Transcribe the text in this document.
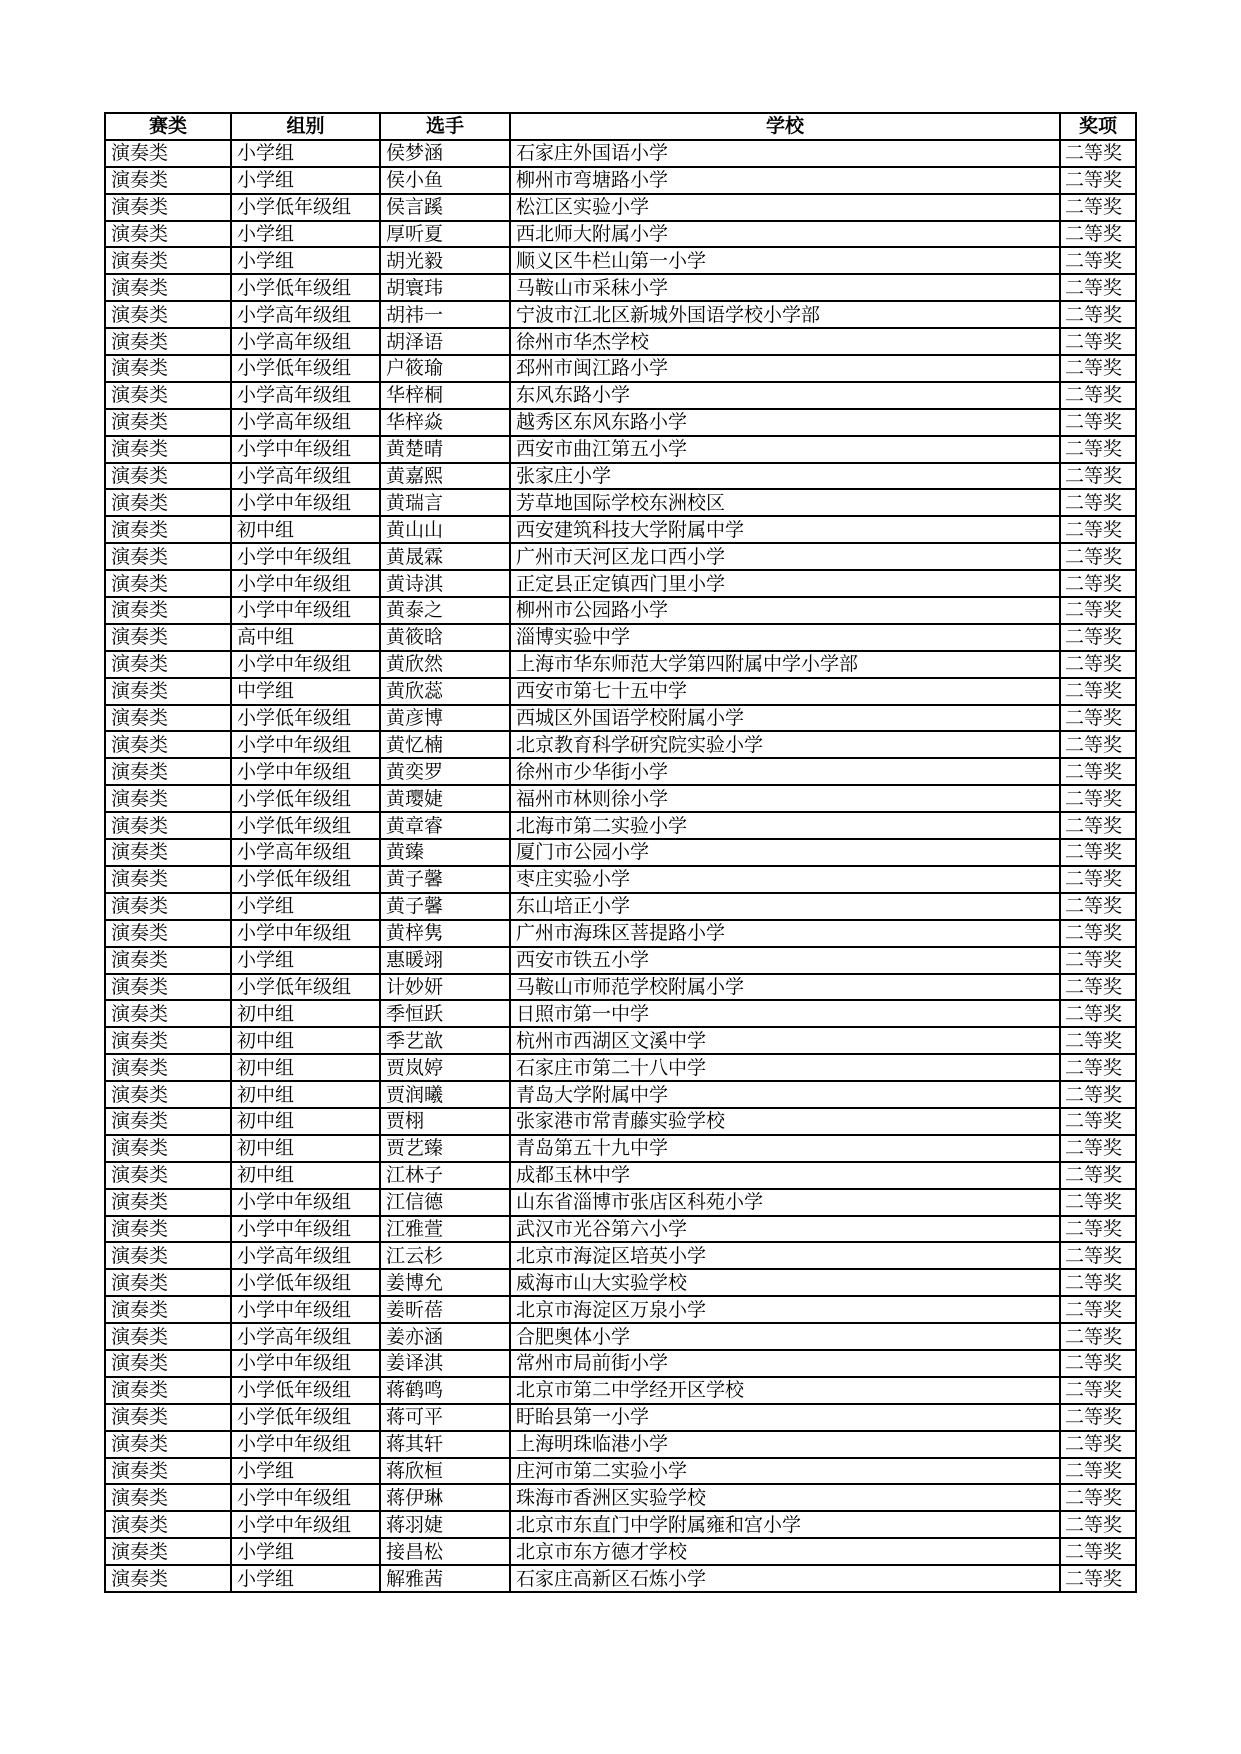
赛类	组别	选手	学校	奖项
演奏类	小学组	侯梦涵	石家庄外国语小学	二等奖
演奏类	小学组	侯小鱼	柳州市弯塘路小学	二等奖
演奏类	小学低年级组	侯言蹊	松江区实验小学	二等奖
演奏类	小学组	厚听夏	西北师大附属小学	二等奖
演奏类	小学组	胡光毅	顺义区牛栏山第一小学	二等奖
演奏类	小学低年级组	胡寰玮	马鞍山市采秣小学	二等奖
演奏类	小学高年级组	胡祎一	宁波市江北区新城外国语学校小学部	二等奖
演奏类	小学高年级组	胡泽语	徐州市华杰学校	二等奖
演奏类	小学低年级组	户筱瑜	邳州市闽江路小学	二等奖
演奏类	小学高年级组	华梓桐	东风东路小学	二等奖
演奏类	小学高年级组	华梓焱	越秀区东风东路小学	二等奖
演奏类	小学中年级组	黄楚晴	西安市曲江第五小学	二等奖
演奏类	小学高年级组	黄嘉熙	张家庄小学	二等奖
演奏类	小学中年级组	黄瑞言	芳草地国际学校东洲校区	二等奖
演奏类	初中组	黄山山	西安建筑科技大学附属中学	二等奖
演奏类	小学中年级组	黄晟霖	广州市天河区龙口西小学	二等奖
演奏类	小学中年级组	黄诗淇	正定县正定镇西门里小学	二等奖
演奏类	小学中年级组	黄泰之	柳州市公园路小学	二等奖
演奏类	高中组	黄筱晗	淄博实验中学	二等奖
演奏类	小学中年级组	黄欣然	上海市华东师范大学第四附属中学小学部	二等奖
演奏类	中学组	黄欣蕊	西安市第七十五中学	二等奖
演奏类	小学低年级组	黄彦博	西城区外国语学校附属小学	二等奖
演奏类	小学中年级组	黄忆楠	北京教育科学研究院实验小学	二等奖
演奏类	小学中年级组	黄奕罗	徐州市少华街小学	二等奖
演奏类	小学低年级组	黄璎婕	福州市林则徐小学	二等奖
演奏类	小学低年级组	黄章睿	北海市第二实验小学	二等奖
演奏类	小学高年级组	黄臻	厦门市公园小学	二等奖
演奏类	小学低年级组	黄子馨	枣庄实验小学	二等奖
演奏类	小学组	黄子馨	东山培正小学	二等奖
演奏类	小学中年级组	黄梓隽	广州市海珠区菩提路小学	二等奖
演奏类	小学组	惠暖翊	西安市铁五小学	二等奖
演奏类	小学低年级组	计妙妍	马鞍山市师范学校附属小学	二等奖
演奏类	初中组	季恒跃	日照市第一中学	二等奖
演奏类	初中组	季艺歆	杭州市西湖区文溪中学	二等奖
演奏类	初中组	贾岚婷	石家庄市第二十八中学	二等奖
演奏类	初中组	贾润曦	青岛大学附属中学	二等奖
演奏类	初中组	贾栩	张家港市常青藤实验学校	二等奖
演奏类	初中组	贾艺臻	青岛第五十九中学	二等奖
演奏类	初中组	江林子	成都玉林中学	二等奖
演奏类	小学中年级组	江信德	山东省淄博市张店区科苑小学	二等奖
演奏类	小学中年级组	江雅萱	武汉市光谷第六小学	二等奖
演奏类	小学高年级组	江云杉	北京市海淀区培英小学	二等奖
演奏类	小学低年级组	姜博允	威海市山大实验学校	二等奖
演奏类	小学中年级组	姜昕蓓	北京市海淀区万泉小学	二等奖
演奏类	小学高年级组	姜亦涵	合肥奥体小学	二等奖
演奏类	小学中年级组	姜译淇	常州市局前街小学	二等奖
演奏类	小学低年级组	蒋鹤鸣	北京市第二中学经开区学校	二等奖
演奏类	小学低年级组	蒋可平	盱眙县第一小学	二等奖
演奏类	小学中年级组	蒋其轩	上海明珠临港小学	二等奖
演奏类	小学组	蒋欣桓	庄河市第二实验小学	二等奖
演奏类	小学中年级组	蒋伊琳	珠海市香洲区实验学校	二等奖
演奏类	小学中年级组	蒋羽婕	北京市东直门中学附属雍和宫小学	二等奖
演奏类	小学组	接昌松	北京市东方德才学校	二等奖
演奏类	小学组	解雅茜	石家庄高新区石炼小学	二等奖
